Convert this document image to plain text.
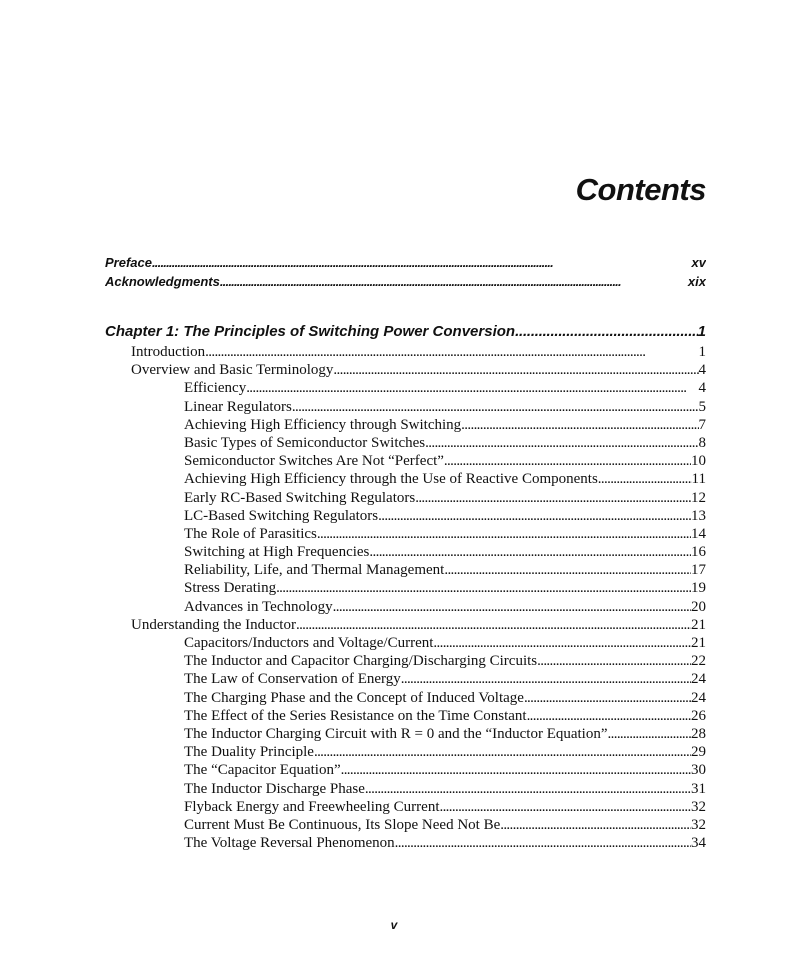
Contents
Preface . . .	xv
Acknowledgments . . .	xix
Chapter 1: The Principles of Switching Power Conversion . . .	1
Introduction . . .	1
Overview and Basic Terminology . . .	4
Efficiency . . .	4
Linear Regulators . . .	5
Achieving High Efficiency through Switching . . .	7
Basic Types of Semiconductor Switches . . .	8
Semiconductor Switches Are Not “Perfect” . . .	10
Achieving High Efficiency through the Use of Reactive Components . . .	11
Early RC-Based Switching Regulators . . .	12
LC-Based Switching Regulators . . .	13
The Role of Parasitics . . .	14
Switching at High Frequencies . . .	16
Reliability, Life, and Thermal Management . . .	17
Stress Derating . . .	19
Advances in Technology . . .	20
Understanding the Inductor . . .	21
Capacitors/Inductors and Voltage/Current . . .	21
The Inductor and Capacitor Charging/Discharging Circuits . . .	22
The Law of Conservation of Energy . . .	24
The Charging Phase and the Concept of Induced Voltage . . .	24
The Effect of the Series Resistance on the Time Constant . . .	26
The Inductor Charging Circuit with R = 0 and the “Inductor Equation” . . .	28
The Duality Principle . . .	29
The “Capacitor Equation” . . .	30
The Inductor Discharge Phase . . .	31
Flyback Energy and Freewheeling Current . . .	32
Current Must Be Continuous, Its Slope Need Not Be . . .	32
The Voltage Reversal Phenomenon . . .	34
v
